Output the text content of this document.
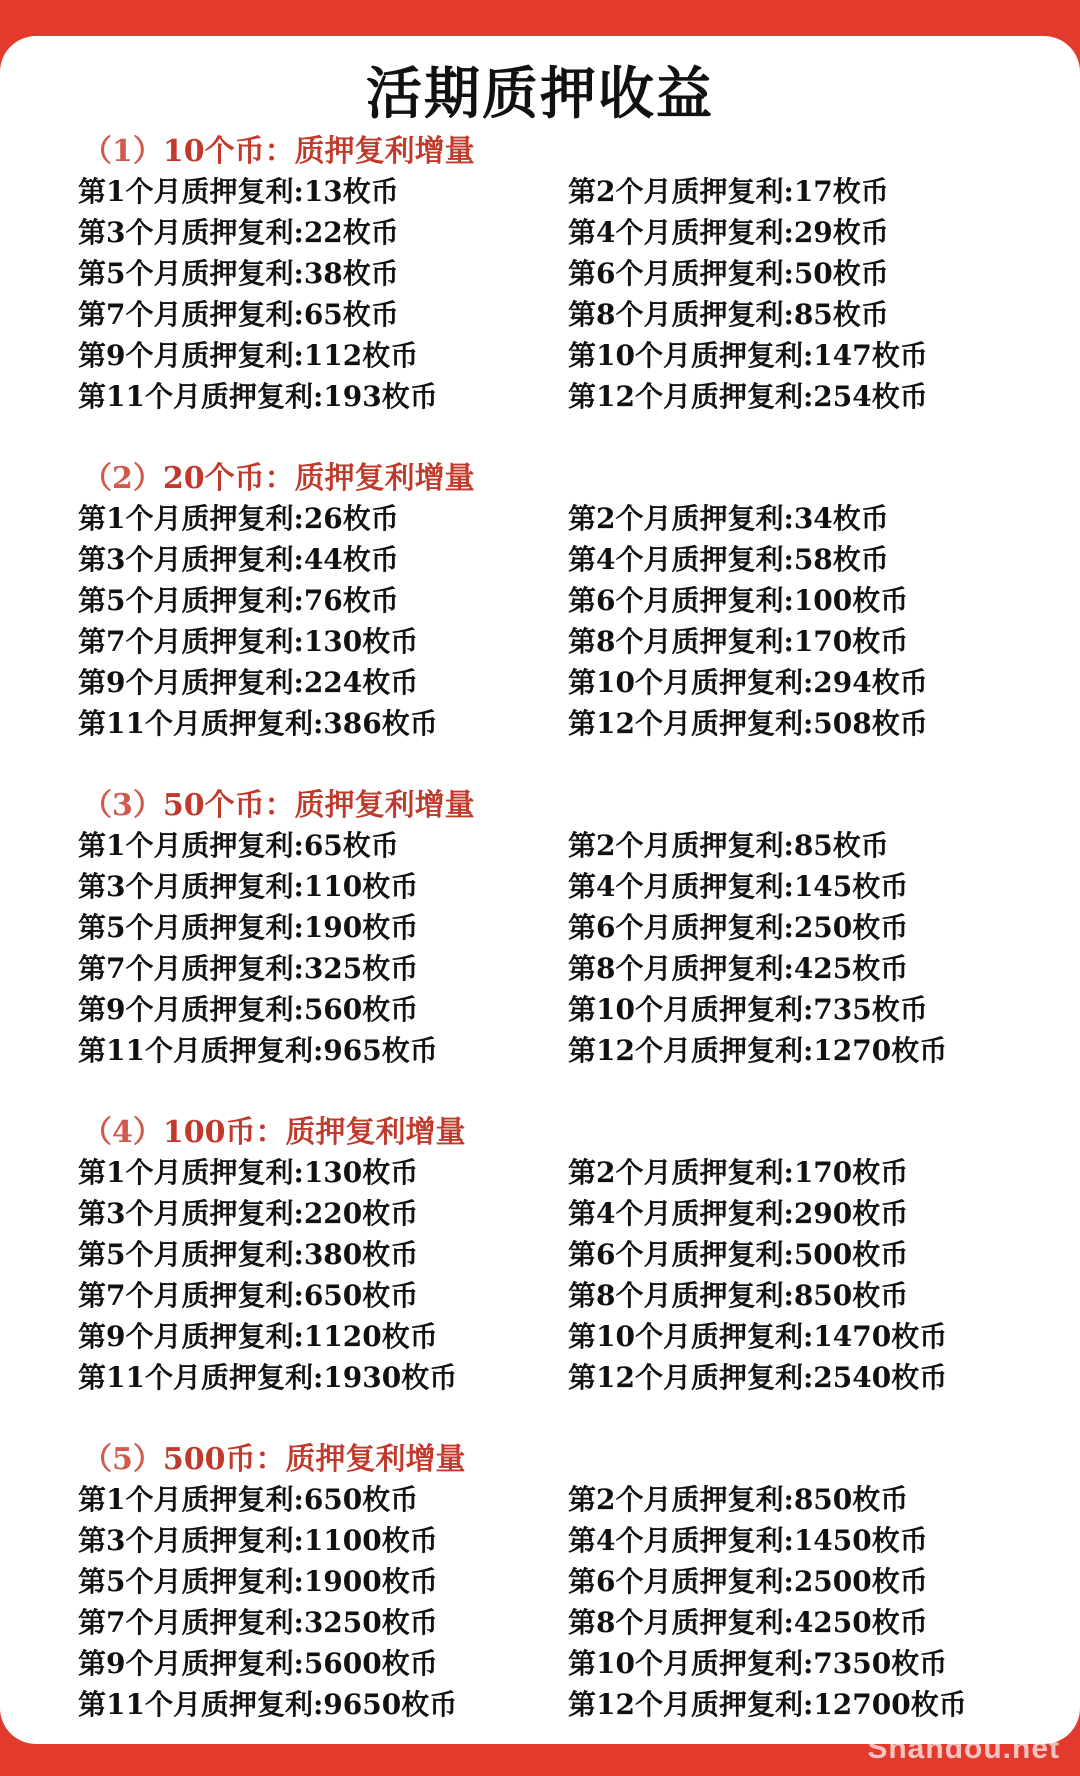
活期质押收益
（1）10个币：质押复利增量
第1个月质押复利:13枚币	第2个月质押复利:17枚币
第3个月质押复利:22枚币	第4个月质押复利:29枚币
第5个月质押复利:38枚币	第6个月质押复利:50枚币
第7个月质押复利:65枚币	第8个月质押复利:85枚币
第9个月质押复利:112枚币	第10个月质押复利:147枚币
第11个月质押复利:193枚币	第12个月质押复利:254枚币
（2）20个币：质押复利增量
第1个月质押复利:26枚币	第2个月质押复利:34枚币
第3个月质押复利:44枚币	第4个月质押复利:58枚币
第5个月质押复利:76枚币	第6个月质押复利:100枚币
第7个月质押复利:130枚币	第8个月质押复利:170枚币
第9个月质押复利:224枚币	第10个月质押复利:294枚币
第11个月质押复利:386枚币	第12个月质押复利:508枚币
（3）50个币：质押复利增量
第1个月质押复利:65枚币	第2个月质押复利:85枚币
第3个月质押复利:110枚币	第4个月质押复利:145枚币
第5个月质押复利:190枚币	第6个月质押复利:250枚币
第7个月质押复利:325枚币	第8个月质押复利:425枚币
第9个月质押复利:560枚币	第10个月质押复利:735枚币
第11个月质押复利:965枚币	第12个月质押复利:1270枚币
（4）100币：质押复利增量
第1个月质押复利:130枚币	第2个月质押复利:170枚币
第3个月质押复利:220枚币	第4个月质押复利:290枚币
第5个月质押复利:380枚币	第6个月质押复利:500枚币
第7个月质押复利:650枚币	第8个月质押复利:850枚币
第9个月质押复利:1120枚币	第10个月质押复利:1470枚币
第11个月质押复利:1930枚币	第12个月质押复利:2540枚币
（5）500币：质押复利增量
第1个月质押复利:650枚币	第2个月质押复利:850枚币
第3个月质押复利:1100枚币	第4个月质押复利:1450枚币
第5个月质押复利:1900枚币	第6个月质押复利:2500枚币
第7个月质押复利:3250枚币	第8个月质押复利:4250枚币
第9个月质押复利:5600枚币	第10个月质押复利:7350枚币
第11个月质押复利:9650枚币	第12个月质押复利:12700枚币
Shandou.net
